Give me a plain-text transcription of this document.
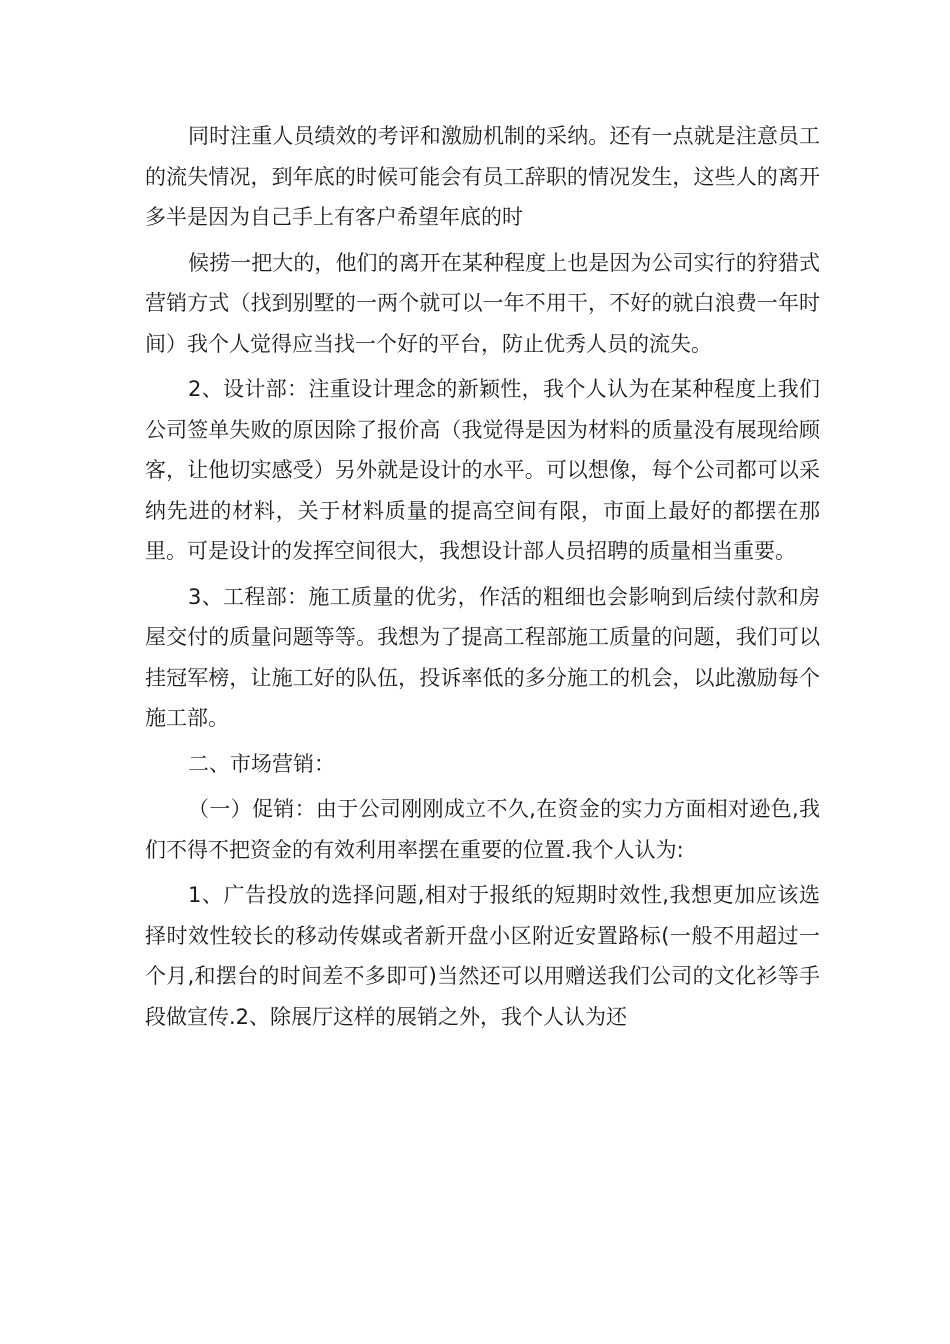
同时注重人员绩效的考评和激励机制的采纳。还有一点就是注意员工的流失情况，到年底的时候可能会有员工辞职的情况发生，这些人的离开多半是因为自己手上有客户希望年底的时

候捞一把大的，他们的离开在某种程度上也是因为公司实行的狩猎式营销方式（找到别墅的一两个就可以一年不用干，不好的就白浪费一年时间）我个人觉得应当找一个好的平台，防止优秀人员的流失。

2、设计部：注重设计理念的新颖性，我个人认为在某种程度上我们公司签单失败的原因除了报价高（我觉得是因为材料的质量没有展现给顾客，让他切实感受）另外就是设计的水平。可以想像，每个公司都可以采纳先进的材料，关于材料质量的提高空间有限，市面上最好的都摆在那里。可是设计的发挥空间很大，我想设计部人员招聘的质量相当重要。

3、工程部：施工质量的优劣，作活的粗细也会影响到后续付款和房屋交付的质量问题等等。我想为了提高工程部施工质量的问题，我们可以挂冠军榜，让施工好的队伍，投诉率低的多分施工的机会，以此激励每个施工部。

二、市场营销：

（一）促销：由于公司刚刚成立不久,在资金的实力方面相对逊色,我们不得不把资金的有效利用率摆在重要的位置.我个人认为:

1、广告投放的选择问题,相对于报纸的短期时效性,我想更加应该选择时效性较长的移动传媒或者新开盘小区附近安置路标(一般不用超过一个月,和摆台的时间差不多即可)当然还可以用赠送我们公司的文化衫等手段做宣传.2、除展厅这样的展销之外，我个人认为还
